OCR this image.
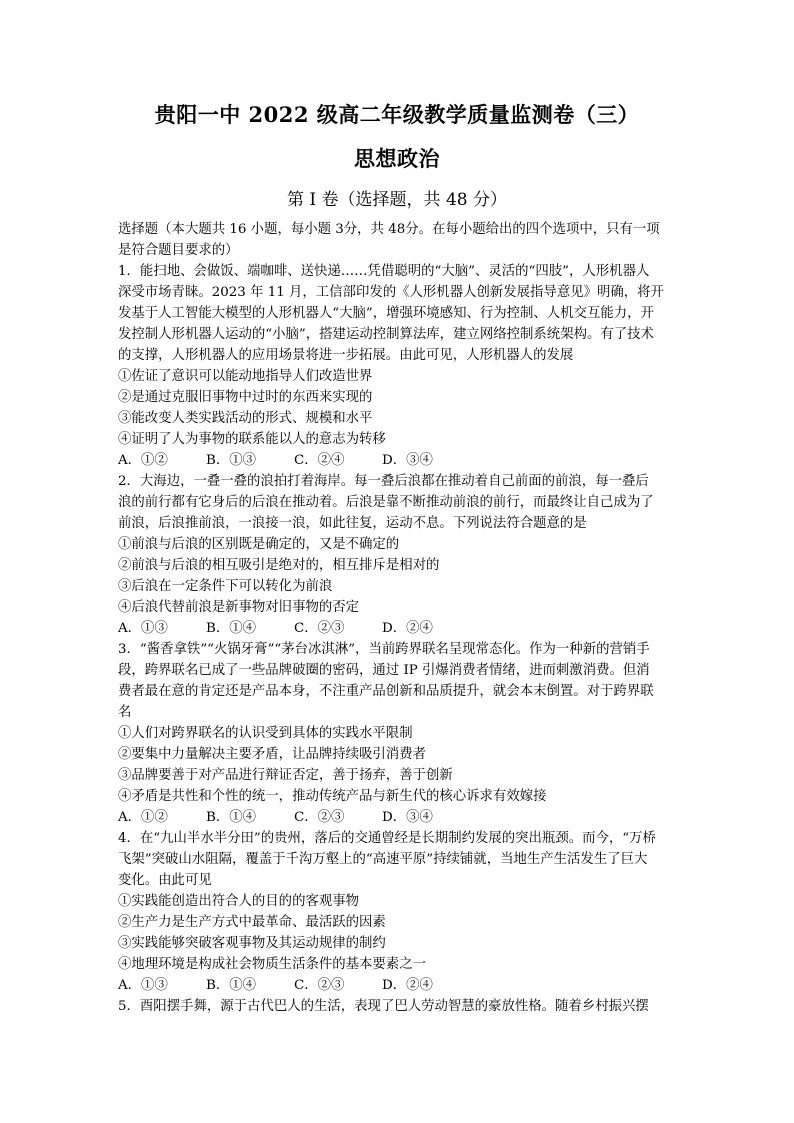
贵阳一中 2022 级高二年级教学质量监测卷（三）
思想政治
第 I 卷（选择题，共 48 分）
选择题（本大题共 16 小题，每小题 3分，共 48分。在每小题给出的四个选项中，只有一项
是符合题目要求的）
1．能扫地、会做饭、端咖啡、送快递……凭借聪明的“大脑”、灵活的“四肢”，人形机器人
深受市场青睐。2023 年 11 月，工信部印发的《人形机器人创新发展指导意见》明确，将开
发基于人工智能大模型的人形机器人“大脑”，增强环境感知、行为控制、人机交互能力，开
发控制人形机器人运动的“小脑”，搭建运动控制算法库，建立网络控制系统架构。有了技术
的支撑，人形机器人的应用场景将进一步拓展。由此可见，人形机器人的发展
①佐证了意识可以能动地指导人们改造世界
②是通过克服旧事物中过时的东西来实现的
③能改变人类实践活动的形式、规模和水平
④证明了人为事物的联系能以人的意志为转移
A．①②	B．①③	C．②④	D．③④
2．大海边，一叠一叠的浪拍打着海岸。每一叠后浪都在推动着自己前面的前浪，每一叠后
浪的前行都有它身后的后浪在推动着。后浪是靠不断推动前浪的前行，而最终让自己成为了
前浪，后浪推前浪，一浪接一浪，如此往复，运动不息。下列说法符合题意的是
①前浪与后浪的区别既是确定的，又是不确定的
②前浪与后浪的相互吸引是绝对的，相互排斥是相对的
③后浪在一定条件下可以转化为前浪
④后浪代替前浪是新事物对旧事物的否定
A．①③	B．①④	C．②③	D．②④
3．“酱香拿铁”“火锅牙膏”“茅台冰淇淋”，当前跨界联名呈现常态化。作为一种新的营销手
段，跨界联名已成了一些品牌破圈的密码，通过 IP 引爆消费者情绪，进而刺激消费。但消
费者最在意的肯定还是产品本身，不注重产品创新和品质提升，就会本末倒置。对于跨界联
名
①人们对跨界联名的认识受到具体的实践水平限制
②要集中力量解决主要矛盾，让品牌持续吸引消费者
③品牌要善于对产品进行辩证否定，善于扬弃，善于创新
④矛盾是共性和个性的统一，推动传统产品与新生代的核心诉求有效嫁接
A．①②	B．①④	C．②③	D．③④
4．在“九山半水半分田”的贵州，落后的交通曾经是长期制约发展的突出瓶颈。而今，“万桥
飞架”突破山水阻隔，覆盖于千沟万壑上的“高速平原”持续铺就，当地生产生活发生了巨大
变化。由此可见
①实践能创造出符合人的目的的客观事物
②生产力是生产方式中最革命、最活跃的因素
③实践能够突破客观事物及其运动规律的制约
④地理环境是构成社会物质生活条件的基本要素之一
A．①③	B．①④	C．②③	D．②④
5．酉阳摆手舞，源于古代巴人的生活，表现了巴人劳动智慧的豪放性格。随着乡村振兴摆
